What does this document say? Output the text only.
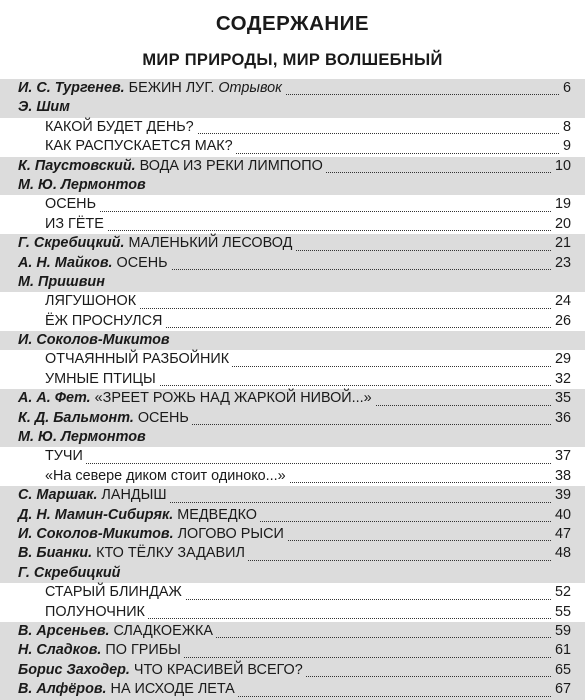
СОДЕРЖАНИЕ
МИР ПРИРОДЫ, МИР ВОЛШЕБНЫЙ
И. С. Тургенев. БЕЖИН ЛУГ. Отрывок	6
Э. Шим
КАКОЙ БУДЕТ ДЕНЬ?	8
КАК РАСПУСКАЕТСЯ МАК?	9
К. Паустовский. ВОДА ИЗ РЕКИ ЛИМПОПО	10
М. Ю. Лермонтов
ОСЕНЬ	19
ИЗ ГЁТЕ	20
Г. Скребицкий. МАЛЕНЬКИЙ ЛЕСОВОД	21
А. Н. Майков. ОСЕНЬ	23
М. Пришвин
ЛЯГУШОНОК	24
ЁЖ ПРОСНУЛСЯ	26
И. Соколов-Микитов
ОТЧАЯННЫЙ РАЗБОЙНИК	29
УМНЫЕ ПТИЦЫ	32
А. А. Фет. «ЗРЕЕТ РОЖЬ НАД ЖАРКОЙ НИВОЙ...»	35
К. Д. Бальмонт. ОСЕНЬ	36
М. Ю. Лермонтов
ТУЧИ	37
«На севере диком стоит одиноко...»	38
С. Маршак. ЛАНДЫШ	39
Д. Н. Мамин-Сибиряк. МЕДВЕДКО	40
И. Соколов-Микитов. ЛОГОВО РЫСИ	47
В. Бианки. КТО ТЁЛКУ ЗАДАВИЛ	48
Г. Скребицкий
СТАРЫЙ БЛИНДАЖ	52
ПОЛУНОЧНИК	55
В. Арсеньев. СЛАДКОЕЖКА	59
Н. Сладков. ПО ГРИБЫ	61
Борис Заходер. ЧТО КРАСИВЕЙ ВСЕГО?	65
В. Алфёров. НА ИСХОДЕ ЛЕТА	67
